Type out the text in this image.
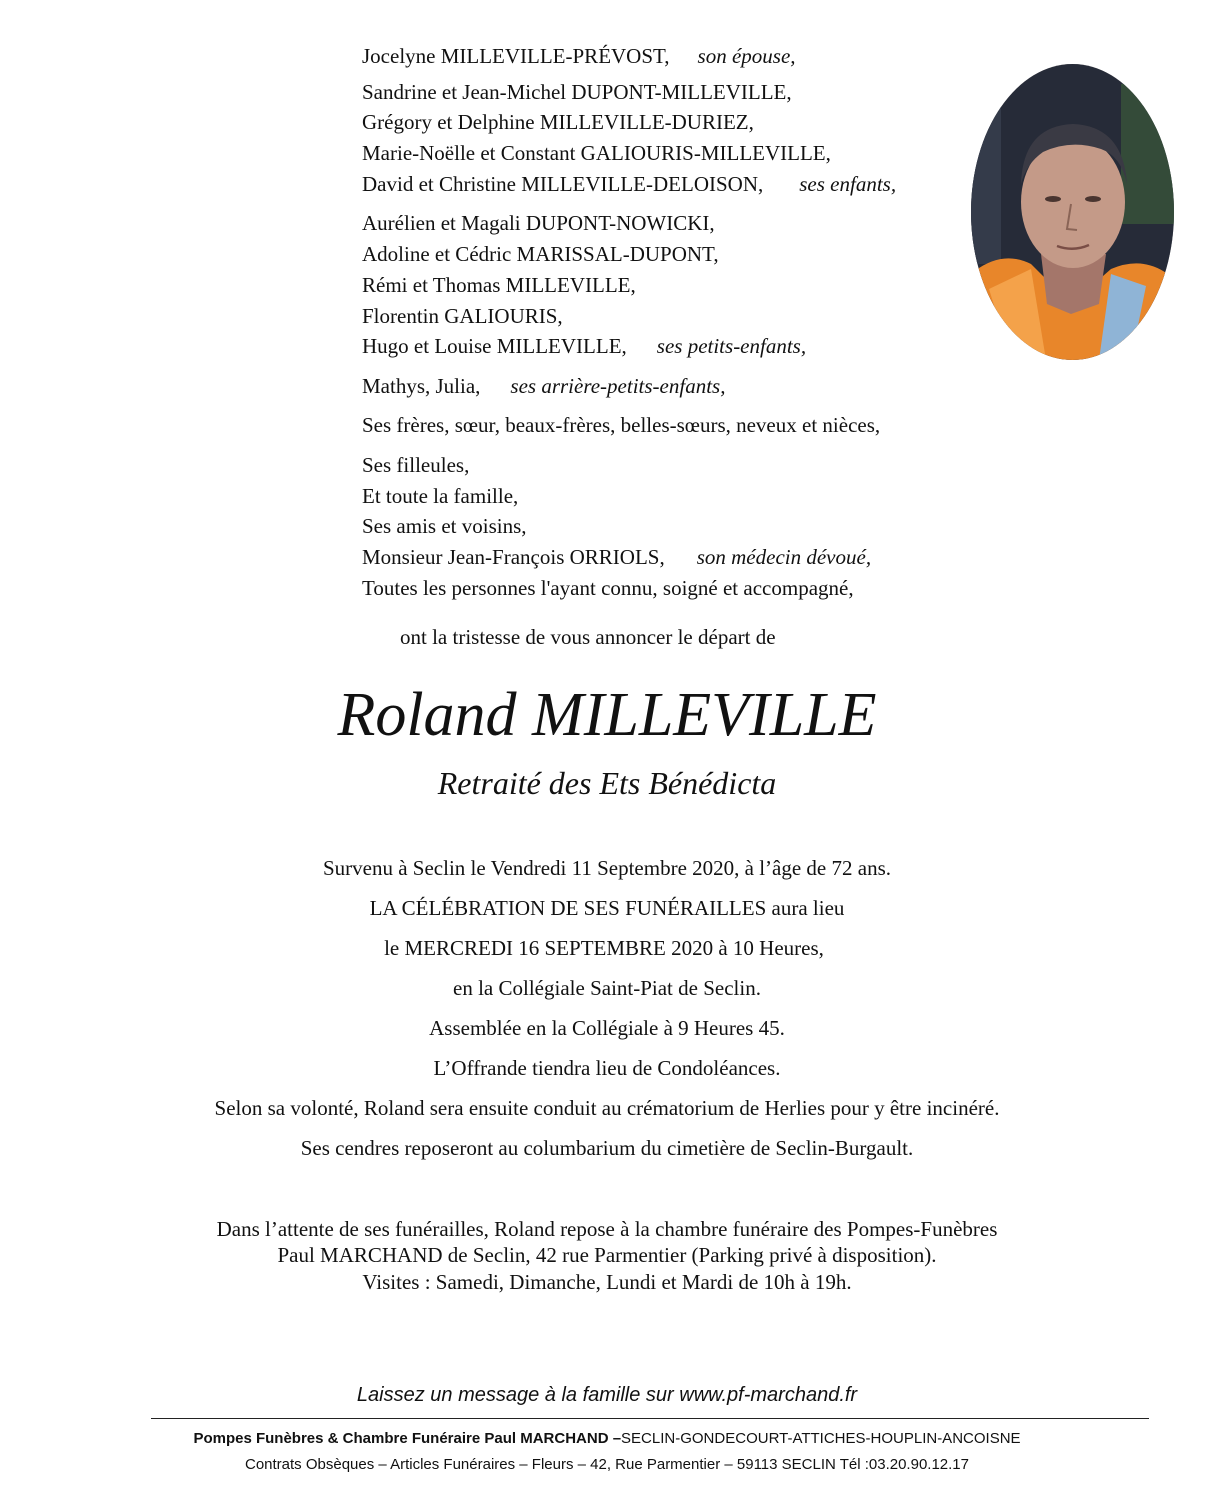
Jocelyne MILLEVILLE-PRÉVOST, son épouse,
Sandrine et Jean-Michel DUPONT-MILLEVILLE,
Grégory et Delphine MILLEVILLE-DURIEZ,
Marie-Noëlle et Constant GALIOURIS-MILLEVILLE,
David et Christine MILLEVILLE-DELOISON, ses enfants,
Aurélien et Magali DUPONT-NOWICKI,
Adoline et Cédric MARISSAL-DUPONT,
Rémi et Thomas MILLEVILLE,
Florentin GALIOURIS,
Hugo et Louise MILLEVILLE, ses petits-enfants,
Mathys, Julia, ses arrière-petits-enfants,
Ses frères, sœur, beaux-frères, belles-sœurs, neveux et nièces,
Ses filleules,
Et toute la famille,
Ses amis et voisins,
Monsieur Jean-François ORRIOLS, son médecin dévoué,
Toutes les personnes l'ayant connu, soigné et accompagné,
ont la tristesse de vous annoncer le départ de
Roland MILLEVILLE
Retraité des Ets Bénédicta
Survenu à Seclin le Vendredi 11 Septembre 2020, à l’âge de 72 ans.
LA CÉLÉBRATION DE SES FUNÉRAILLES aura lieu
le MERCREDI 16 SEPTEMBRE 2020 à 10 Heures,
en la Collégiale Saint-Piat de Seclin.
Assemblée en la Collégiale à 9 Heures 45.
L’Offrande tiendra lieu de Condoléances.
Selon sa volonté, Roland sera ensuite conduit au crématorium de Herlies pour y être incinéré.
Ses cendres reposeront au columbarium du cimetière de Seclin-Burgault.
Dans l’attente de ses funérailles, Roland repose à la chambre funéraire des Pompes-Funèbres
Paul MARCHAND de Seclin, 42 rue Parmentier (Parking privé à disposition).
Visites : Samedi, Dimanche, Lundi et Mardi de 10h à 19h.
Laissez un message à la famille sur www.pf-marchand.fr
Pompes Funèbres & Chambre Funéraire Paul MARCHAND –SECLIN-GONDECOURT-ATTICHES-HOUPLIN-ANCOISNE
Contrats Obsèques – Articles Funéraires – Fleurs – 42, Rue Parmentier – 59113 SECLIN Tél :03.20.90.12.17
